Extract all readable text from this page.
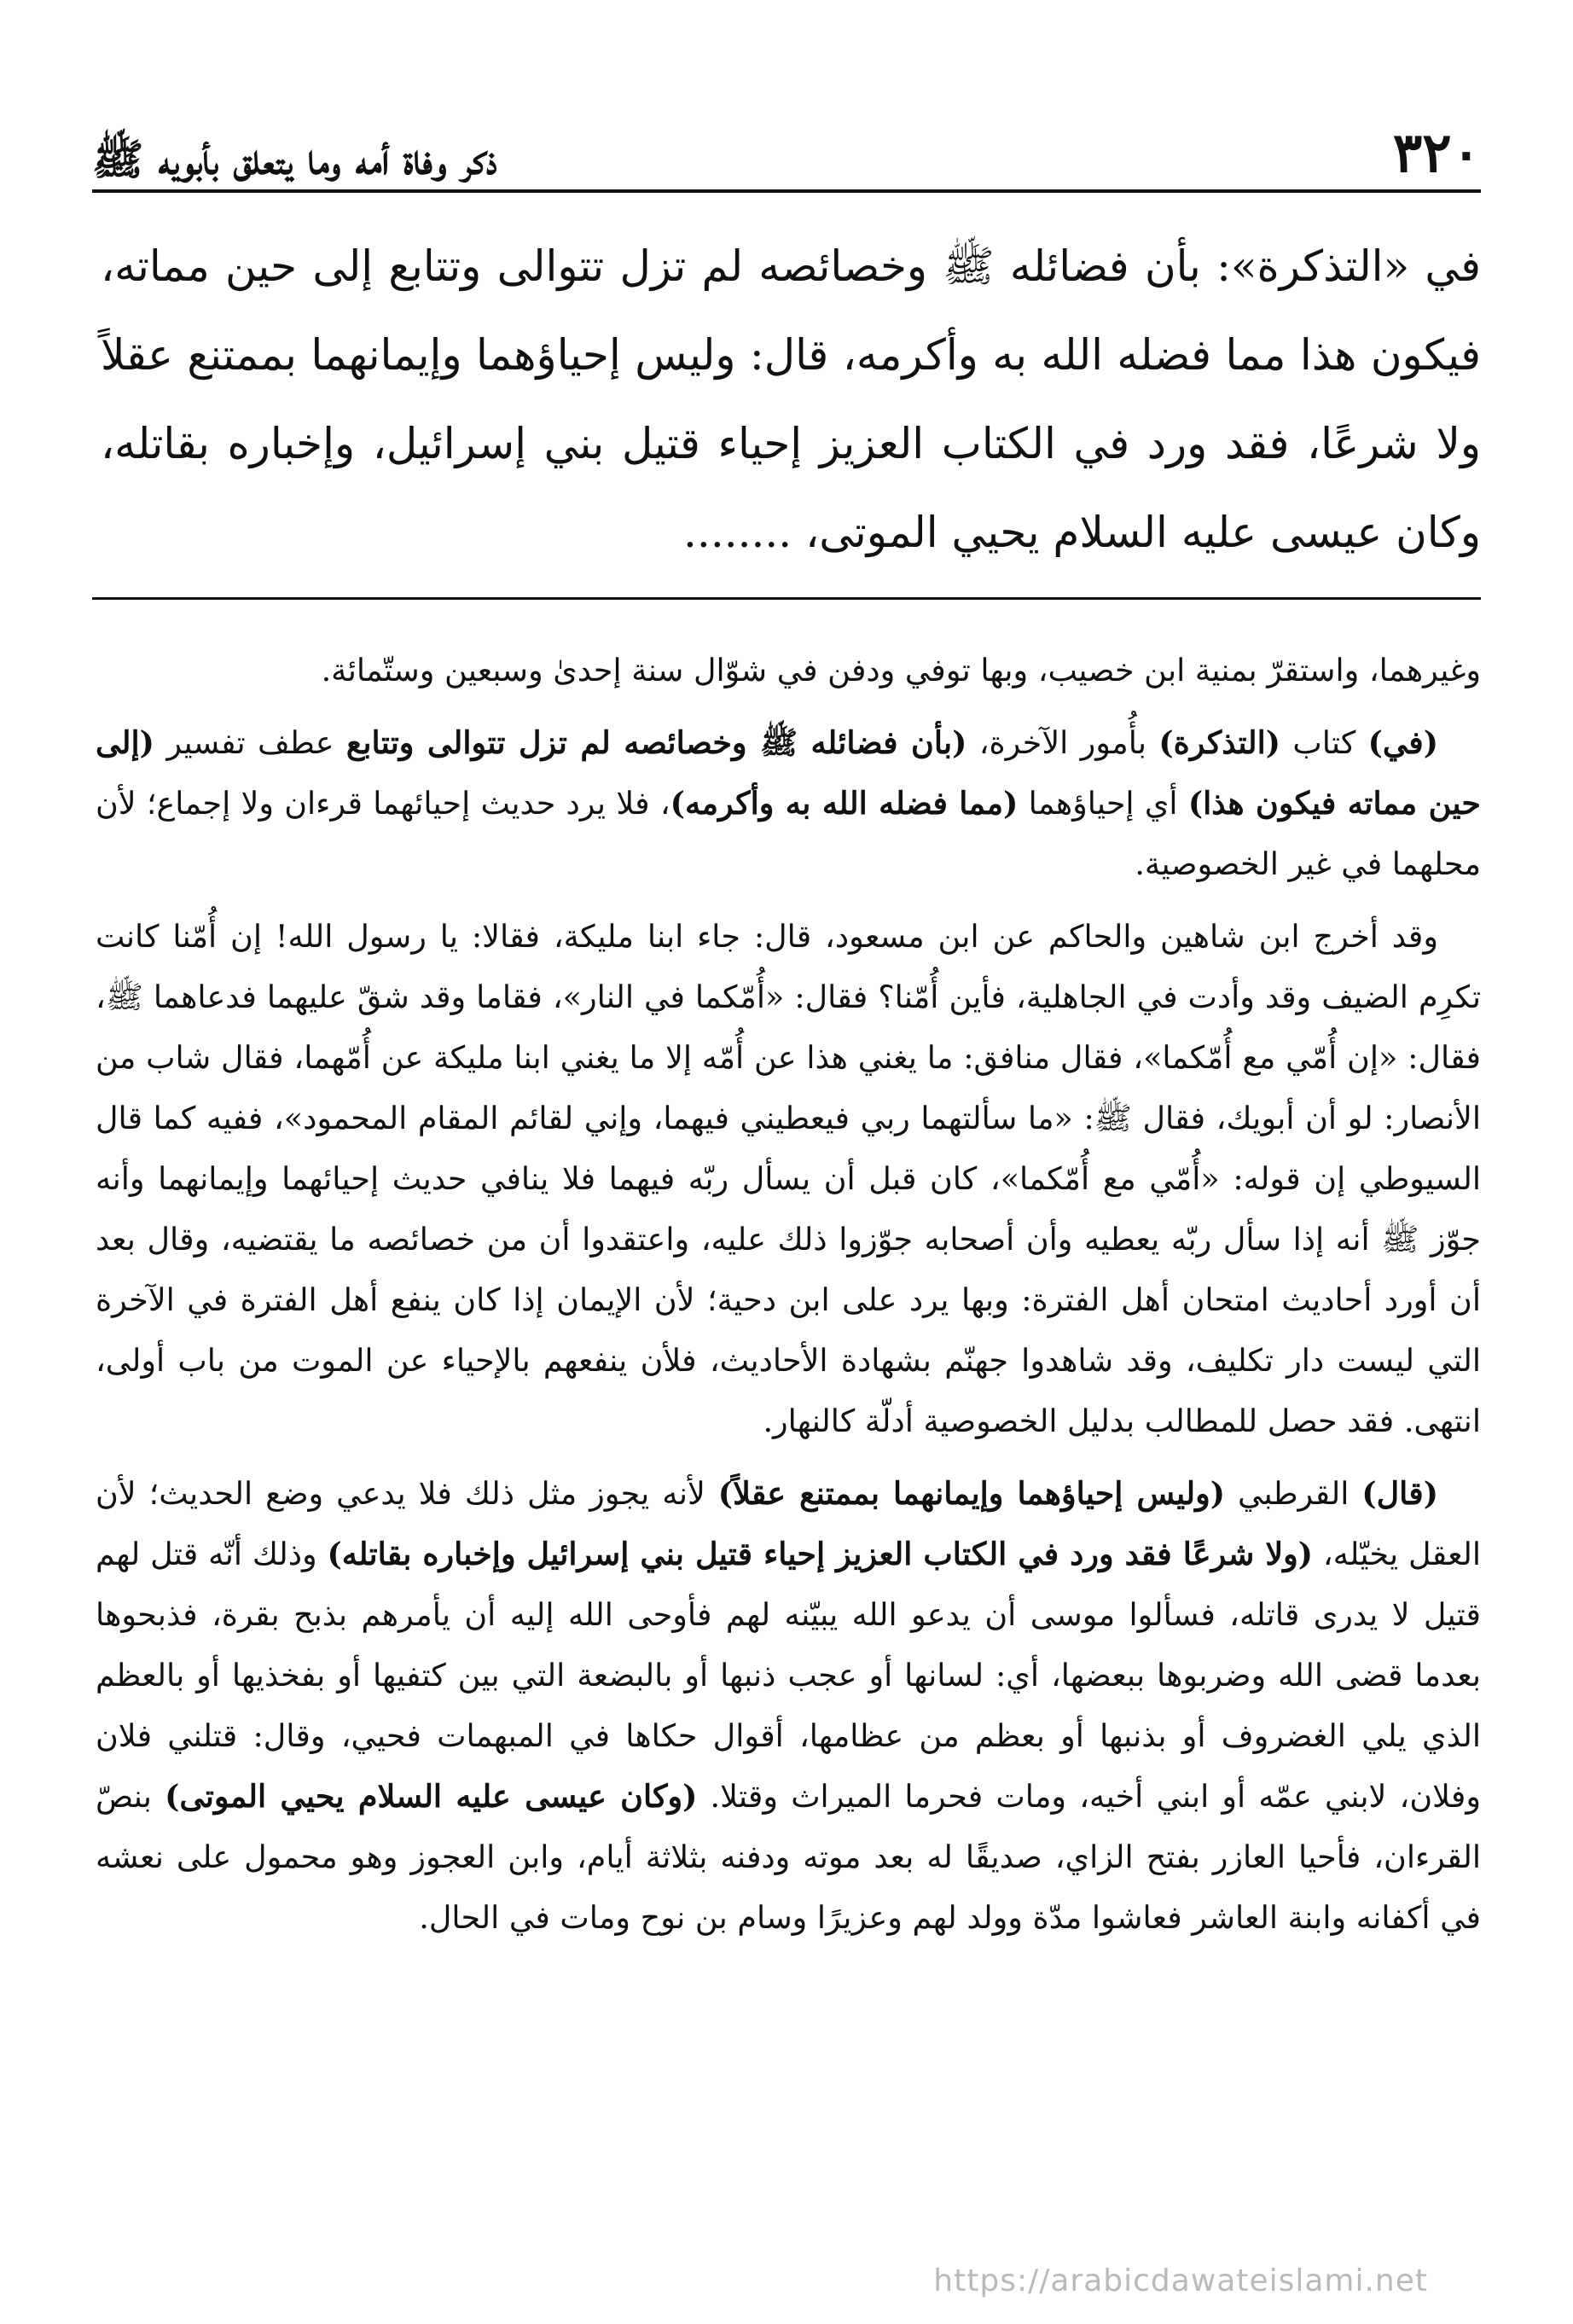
٣٢٠
ذكر وفاة أمه وما يتعلق بأبويه ﷺ

في «التذكرة»: بأن فضائله ﷺ وخصائصه لم تزل تتوالى وتتابع إلى حين مماته، فيكون هذا مما فضله الله به وأكرمه، قال: وليس إحياؤهما وإيمانهما بممتنع عقلاً ولا شرعًا، فقد ورد في الكتاب العزيز إحياء قتيل بني إسرائيل، وإخباره بقاتله، وكان عيسى عليه السلام يحيي الموتى، ........

وغيرهما، واستقرّ بمنية ابن خصيب، وبها توفي ودفن في شوّال سنة إحدىٰ وسبعين وستّمائة.

(في) كتاب (التذكرة) بأُمور الآخرة، (بأن فضائله ﷺ وخصائصه لم تزل تتوالى وتتابع عطف تفسير (إلى حين مماته فيكون هذا) أي إحياؤهما (مما فضله الله به وأكرمه)، فلا يرد حديث إحيائهما قرءان ولا إجماع؛ لأن محلهما في غير الخصوصية.

وقد أخرج ابن شاهين والحاكم عن ابن مسعود، قال: جاء ابنا مليكة، فقالا: يا رسول الله! إن أُمّنا كانت تكرِم الضيف وقد وأدت في الجاهلية، فأين أُمّنا؟ فقال: «أُمّكما في النار»، فقاما وقد شقّ عليهما فدعاهما ﷺ، فقال: «إن أُمّي مع أُمّكما»، فقال منافق: ما يغني هذا عن أُمّه إلا ما يغني ابنا مليكة عن أُمّهما، فقال شاب من الأنصار: لو أن أبويك، فقال ﷺ: «ما سألتهما ربي فيعطيني فيهما، وإني لقائم المقام المحمود»، ففيه كما قال السيوطي إن قوله: «أُمّي مع أُمّكما»، كان قبل أن يسأل ربّه فيهما فلا ينافي حديث إحيائهما وإيمانهما وأنه جوّز ﷺ أنه إذا سأل ربّه يعطيه وأن أصحابه جوّزوا ذلك عليه، واعتقدوا أن من خصائصه ما يقتضيه، وقال بعد أن أورد أحاديث امتحان أهل الفترة: وبها يرد على ابن دحية؛ لأن الإيمان إذا كان ينفع أهل الفترة في الآخرة التي ليست دار تكليف، وقد شاهدوا جهنّم بشهادة الأحاديث، فلأن ينفعهم بالإحياء عن الموت من باب أولى، انتهى. فقد حصل للمطالب بدليل الخصوصية أدلّة كالنهار.

(قال) القرطبي (وليس إحياؤهما وإيمانهما بممتنع عقلاً) لأنه يجوز مثل ذلك فلا يدعي وضع الحديث؛ لأن العقل يخيّله، (ولا شرعًا فقد ورد في الكتاب العزيز إحياء قتيل بني إسرائيل وإخباره بقاتله) وذلك أنّه قتل لهم قتيل لا يدرى قاتله، فسألوا موسى أن يدعو الله يبيّنه لهم فأوحى الله إليه أن يأمرهم بذبح بقرة، فذبحوها بعدما قضى الله وضربوها ببعضها، أي: لسانها أو عجب ذنبها أو بالبضعة التي بين كتفيها أو بفخذيها أو بالعظم الذي يلي الغضروف أو بذنبها أو بعظم من عظامها، أقوال حكاها في المبهمات فحيي، وقال: قتلني فلان وفلان، لابني عمّه أو ابني أخيه، ومات فحرما الميراث وقتلا. (وكان عيسى عليه السلام يحيي الموتى) بنصّ القرءان، فأحيا العازر بفتح الزاي، صديقًا له بعد موته ودفنه بثلاثة أيام، وابن العجوز وهو محمول على نعشه في أكفانه وابنة العاشر فعاشوا مدّة وولد لهم وعزيرًا وسام بن نوح ومات في الحال.

https://arabicdawateislami.net
